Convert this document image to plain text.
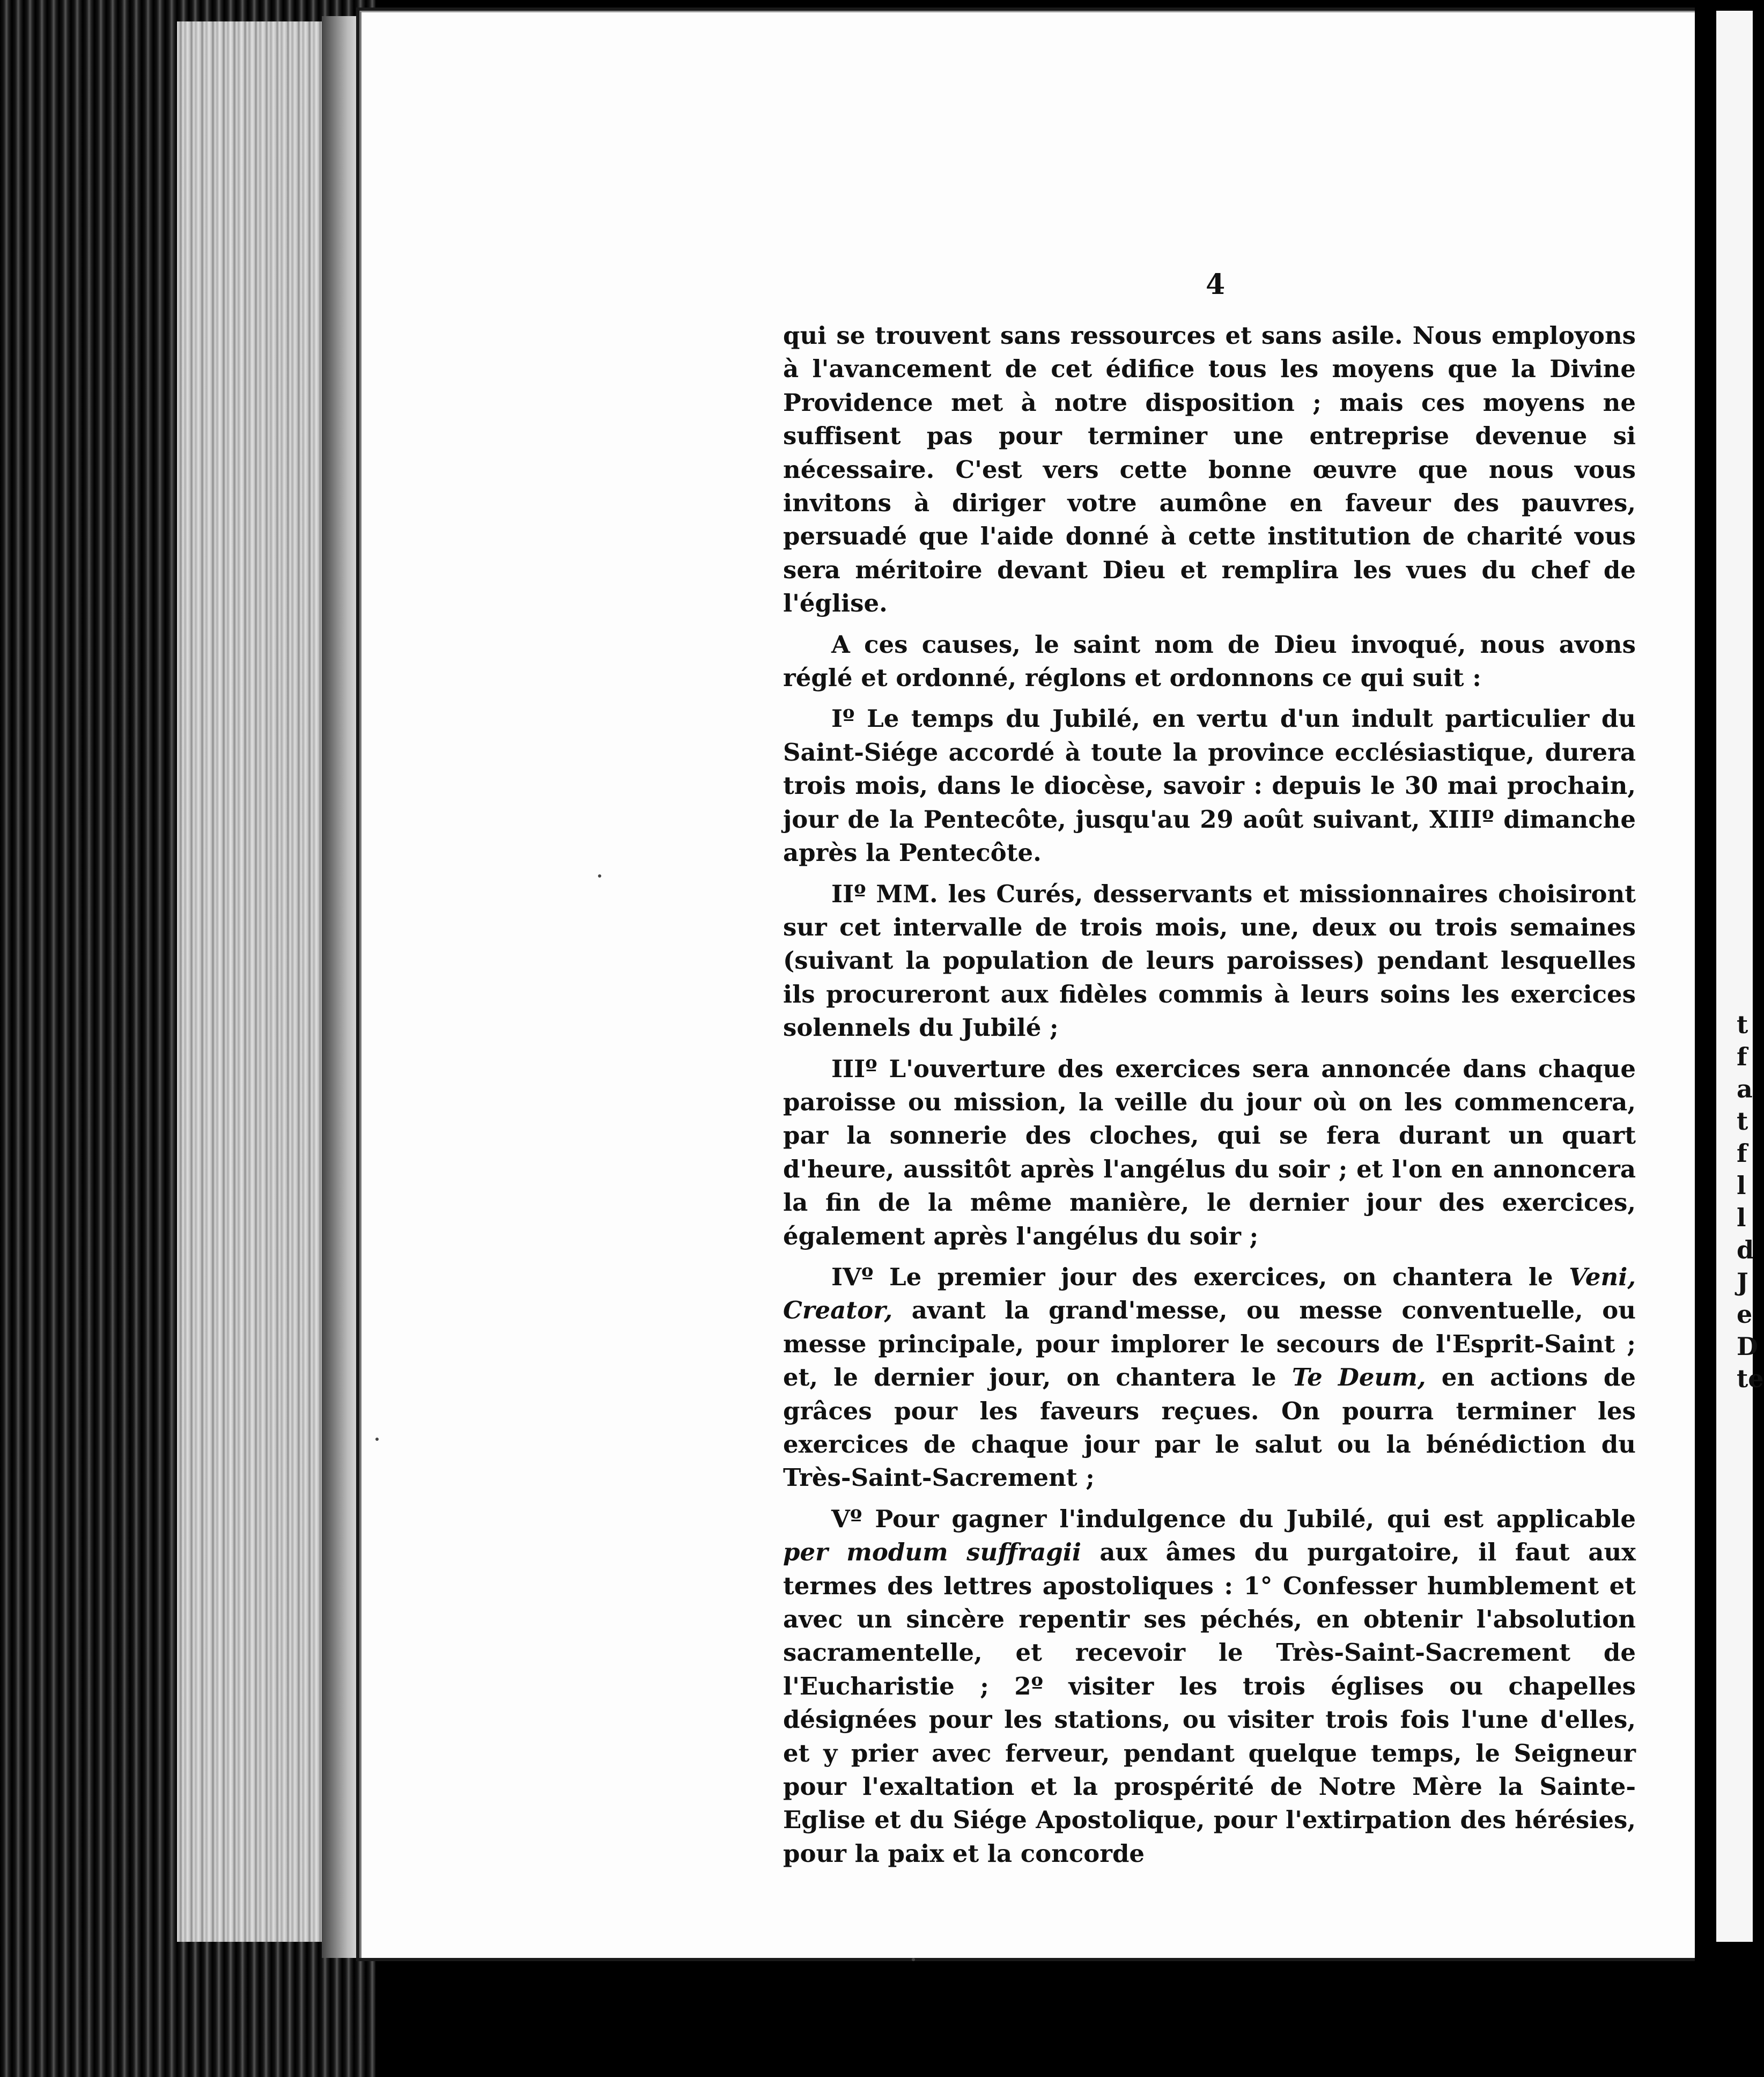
t
f
a
t
f
l
l
d
J
e
D
te
4

qui se trouvent sans ressources et sans asile. Nous employons à l'avancement de cet édifice tous les moyens que la Divine Providence met à notre disposition ; mais ces moyens ne suffisent pas pour terminer une entreprise devenue si nécessaire. C'est vers cette bonne œuvre que nous vous invitons à diriger votre aumône en faveur des pauvres, persuadé que l'aide donné à cette institution de charité vous sera méritoire devant Dieu et remplira les vues du chef de l'église.

A ces causes, le saint nom de Dieu invoqué, nous avons réglé et ordonné, réglons et ordonnons ce qui suit :

Iº Le temps du Jubilé, en vertu d'un indult particulier du Saint-Siége accordé à toute la province ecclésiastique, durera trois mois, dans le diocèse, savoir : depuis le 30 mai prochain, jour de la Pentecôte, jusqu'au 29 août suivant, XIIIº dimanche après la Pentecôte.

IIº MM. les Curés, desservants et missionnaires choisiront sur cet intervalle de trois mois, une, deux ou trois semaines (suivant la population de leurs paroisses) pendant lesquelles ils procureront aux fidèles commis à leurs soins les exercices solennels du Jubilé ;

IIIº L'ouverture des exercices sera annoncée dans chaque paroisse ou mission, la veille du jour où on les commencera, par la sonnerie des cloches, qui se fera durant un quart d'heure, aussitôt après l'angélus du soir ; et l'on en annoncera la fin de la même manière, le dernier jour des exercices, également après l'angélus du soir ;

IVº Le premier jour des exercices, on chantera le Veni, Creator, avant la grand'messe, ou messe conventuelle, ou messe principale, pour implorer le secours de l'Esprit-Saint ; et, le dernier jour, on chantera le Te Deum, en actions de grâces pour les faveurs reçues. On pourra terminer les exercices de chaque jour par le salut ou la bénédiction du Très-Saint-Sacrement ;

Vº Pour gagner l'indulgence du Jubilé, qui est applicable per modum suffragii aux âmes du purgatoire, il faut aux termes des lettres apostoliques : 1° Confesser humblement et avec un sincère repentir ses péchés, en obtenir l'absolution sacramentelle, et recevoir le Très-Saint-Sacrement de l'Eucharistie ; 2º visiter les trois églises ou chapelles désignées pour les stations, ou visiter trois fois l'une d'elles, et y prier avec ferveur, pendant quelque temps, le Seigneur pour l'exaltation et la prospérité de Notre Mère la Sainte-Eglise et du Siége Apostolique, pour l'extirpation des hérésies, pour la paix et la concorde
